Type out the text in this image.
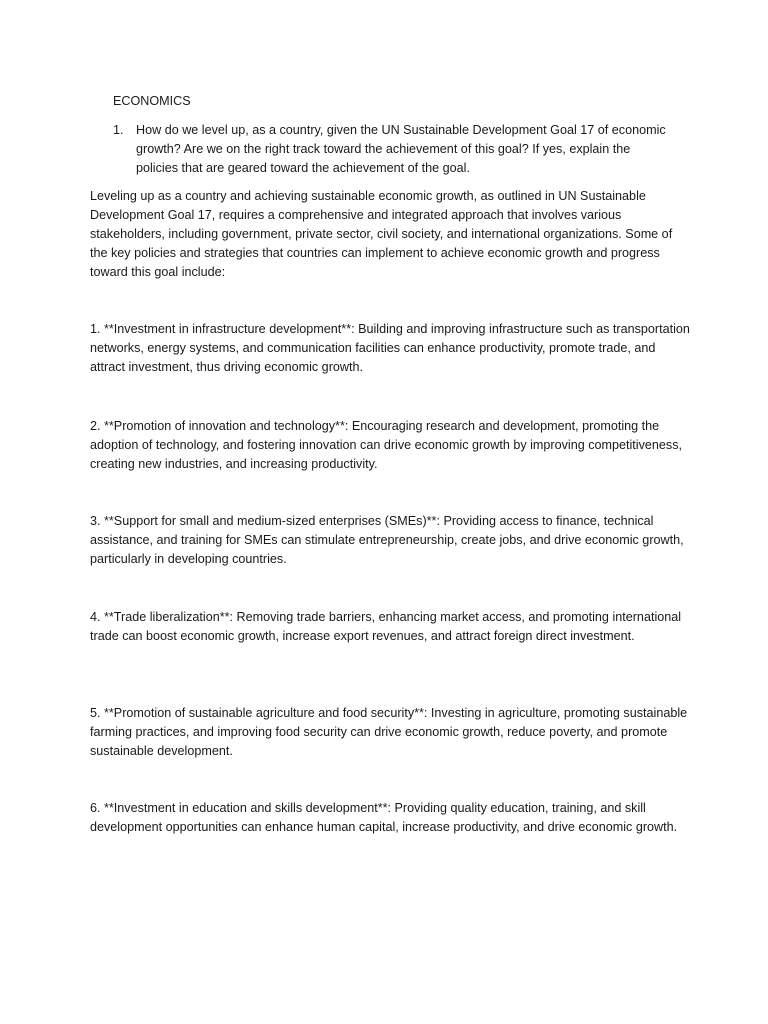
ECONOMICS
1. How do we level up, as a country, given the UN Sustainable Development Goal 17 of economic growth? Are we on the right track toward the achievement of this goal? If yes, explain the policies that are geared toward the achievement of the goal.

Leveling up as a country and achieving sustainable economic growth, as outlined in UN Sustainable Development Goal 17, requires a comprehensive and integrated approach that involves various stakeholders, including government, private sector, civil society, and international organizations. Some of the key policies and strategies that countries can implement to achieve economic growth and progress toward this goal include:

1. **Investment in infrastructure development**: Building and improving infrastructure such as transportation networks, energy systems, and communication facilities can enhance productivity, promote trade, and attract investment, thus driving economic growth.

2. **Promotion of innovation and technology**: Encouraging research and development, promoting the adoption of technology, and fostering innovation can drive economic growth by improving competitiveness, creating new industries, and increasing productivity.

3. **Support for small and medium-sized enterprises (SMEs)**: Providing access to finance, technical assistance, and training for SMEs can stimulate entrepreneurship, create jobs, and drive economic growth, particularly in developing countries.

4. **Trade liberalization**: Removing trade barriers, enhancing market access, and promoting international trade can boost economic growth, increase export revenues, and attract foreign direct investment.

5. **Promotion of sustainable agriculture and food security**: Investing in agriculture, promoting sustainable farming practices, and improving food security can drive economic growth, reduce poverty, and promote sustainable development.

6. **Investment in education and skills development**: Providing quality education, training, and skill development opportunities can enhance human capital, increase productivity, and drive economic growth.
